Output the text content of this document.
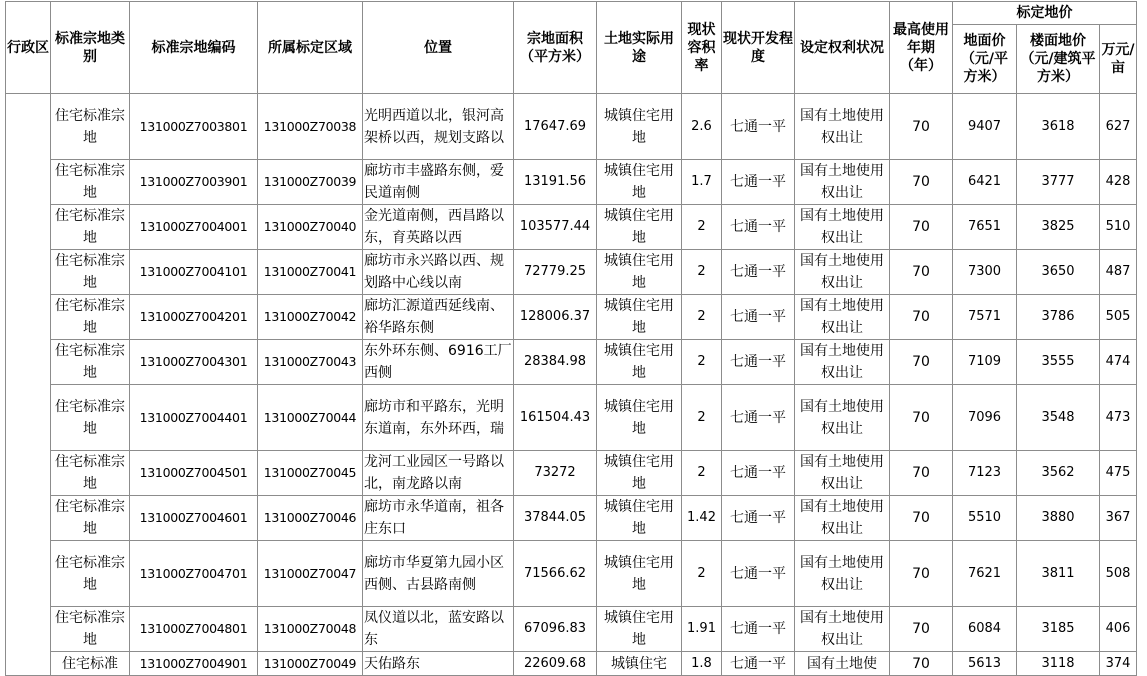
行政区	标准宗地类别	标准宗地编码	所属标定区域	位置	宗地面积（平方米）	土地实际用途	现状容积率	现状开发程度	设定权利状况	最高使用年期（年）	标定地价		
											地面价（元/平方米）	楼面地价（元/建筑平方米）	万元/亩
	住宅标准宗地	131000Z7003801	131000Z70038	光明西道以北，银河高架桥以西，规划支路以	17647.69	城镇住宅用地	2.6	七通一平	国有土地使用权出让	70	9407	3618	627
	住宅标准宗地	131000Z7003901	131000Z70039	廊坊市丰盛路东侧，爱民道南侧	13191.56	城镇住宅用地	1.7	七通一平	国有土地使用权出让	70	6421	3777	428
	住宅标准宗地	131000Z7004001	131000Z70040	金光道南侧，西昌路以东，育英路以西	103577.44	城镇住宅用地	2	七通一平	国有土地使用权出让	70	7651	3825	510
	住宅标准宗地	131000Z7004101	131000Z70041	廊坊市永兴路以西、规划路中心线以南	72779.25	城镇住宅用地	2	七通一平	国有土地使用权出让	70	7300	3650	487
	住宅标准宗地	131000Z7004201	131000Z70042	廊坊汇源道西延线南、裕华路东侧	128006.37	城镇住宅用地	2	七通一平	国有土地使用权出让	70	7571	3786	505
	住宅标准宗地	131000Z7004301	131000Z70043	东外环东侧、6916工厂西侧	28384.98	城镇住宅用地	2	七通一平	国有土地使用权出让	70	7109	3555	474
	住宅标准宗地	131000Z7004401	131000Z70044	廊坊市和平路东，光明东道南，东外环西，瑞	161504.43	城镇住宅用地	2	七通一平	国有土地使用权出让	70	7096	3548	473
	住宅标准宗地	131000Z7004501	131000Z70045	龙河工业园区一号路以北，南龙路以南	73272	城镇住宅用地	2	七通一平	国有土地使用权出让	70	7123	3562	475
	住宅标准宗地	131000Z7004601	131000Z70046	廊坊市永华道南，祖各庄东口	37844.05	城镇住宅用地	1.42	七通一平	国有土地使用权出让	70	5510	3880	367
	住宅标准宗地	131000Z7004701	131000Z70047	廊坊市华夏第九园小区西侧、古县路南侧	71566.62	城镇住宅用地	2	七通一平	国有土地使用权出让	70	7621	3811	508
	住宅标准宗地	131000Z7004801	131000Z70048	凤仪道以北，蓝安路以东	67096.83	城镇住宅用地	1.91	七通一平	国有土地使用权出让	70	6084	3185	406
	住宅标准	131000Z7004901	131000Z70049	天佑路东	22609.68	城镇住宅	1.8	七通一平	国有土地使	70	5613	3118	374
